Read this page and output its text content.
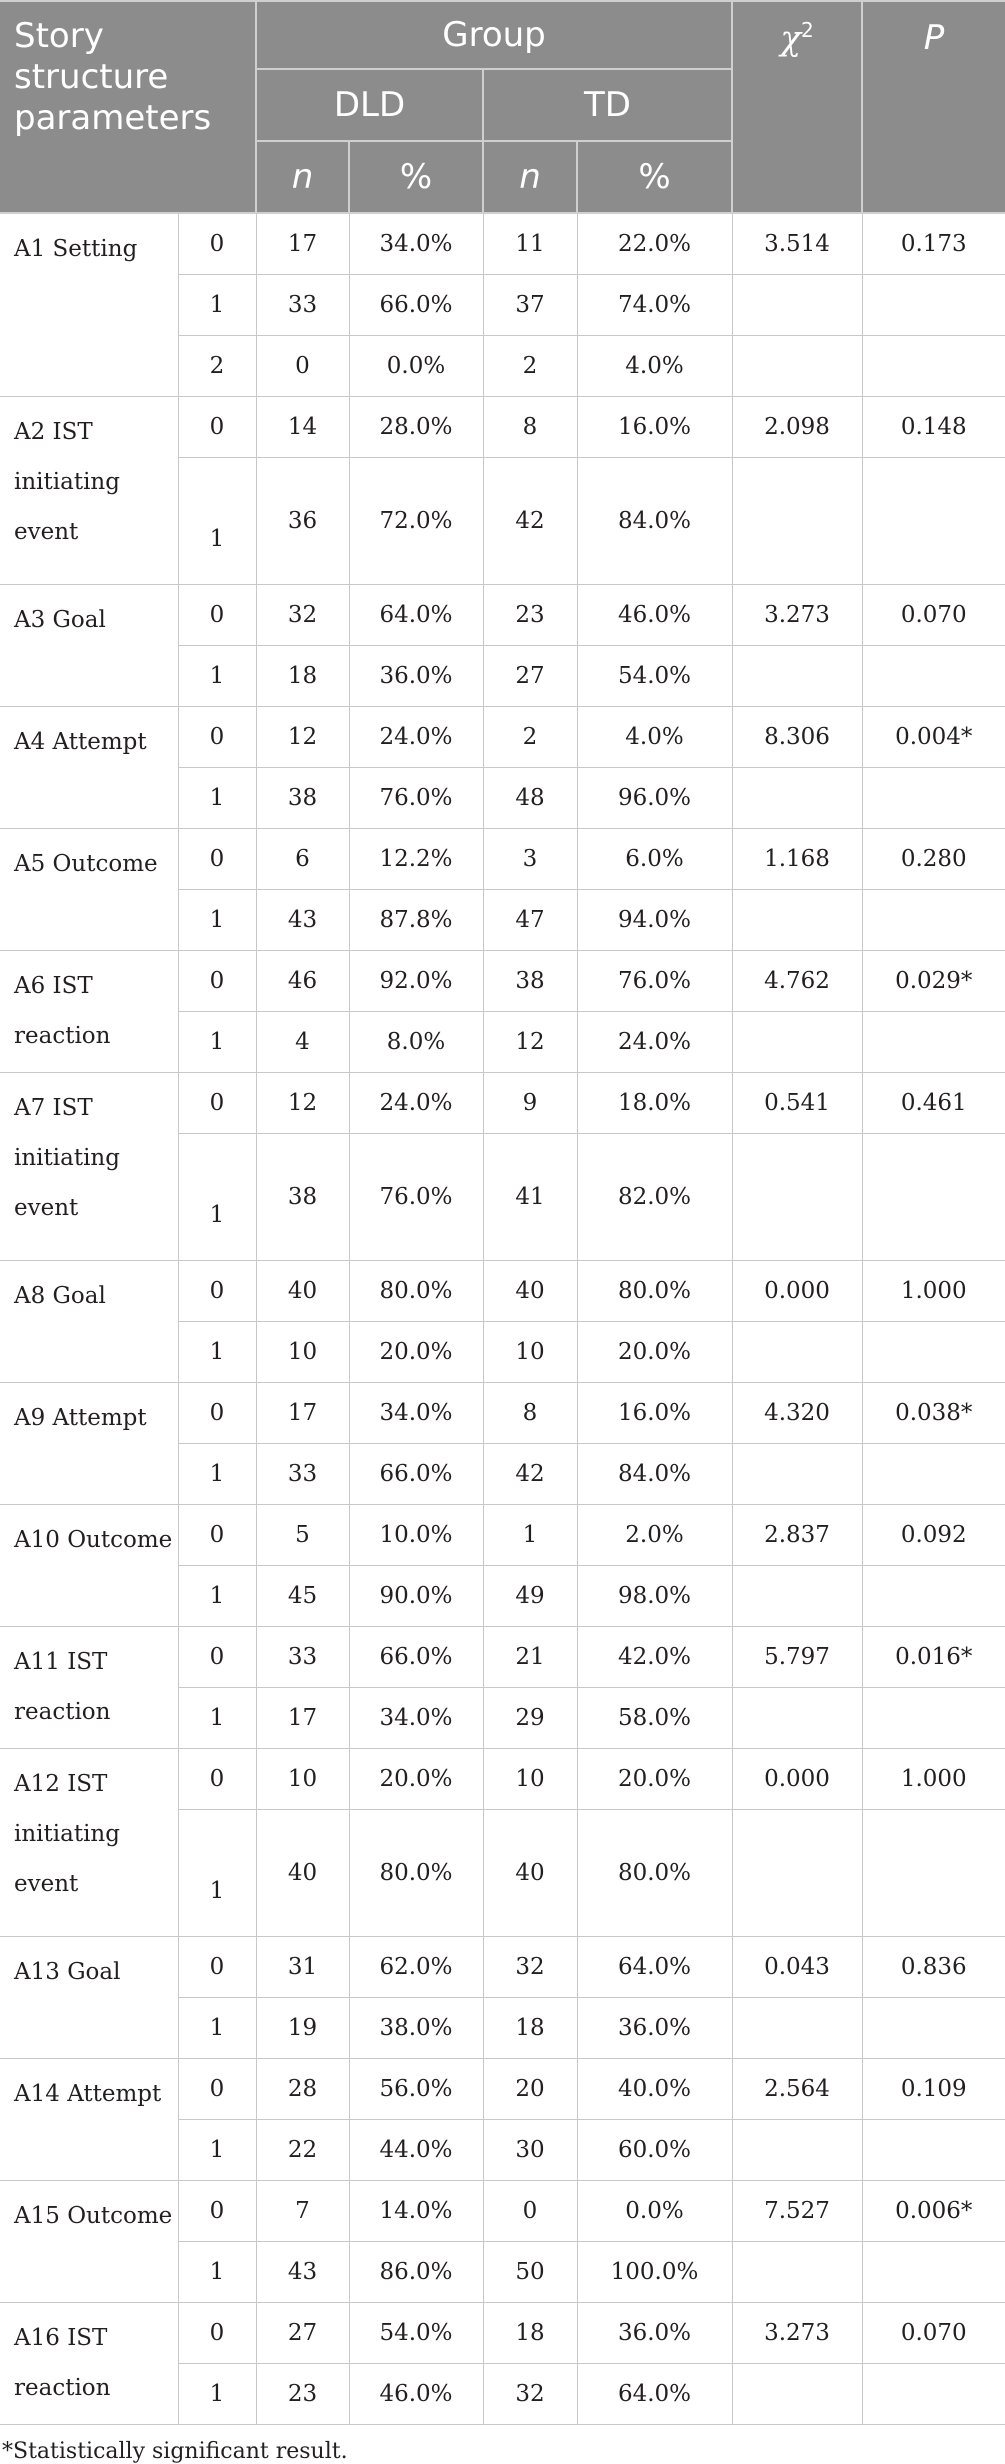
Story structure parameters		Group				$\chi^2$	P
		DLD		TD			
		n	%	n	%		
A1 Setting	0	17	34.0%	11	22.0%	3.514	0.173
	1	33	66.0%	37	74.0%		
	2	0	0.0%	2	4.0%		
A2 IST initiating event	0	14	28.0%	8	16.0%	2.098	0.148
	1	36	72.0%	42	84.0%		
A3 Goal	0	32	64.0%	23	46.0%	3.273	0.070
	1	18	36.0%	27	54.0%		
A4 Attempt	0	12	24.0%	2	4.0%	8.306	0.004*
	1	38	76.0%	48	96.0%		
A5 Outcome	0	6	12.2%	3	6.0%	1.168	0.280
	1	43	87.8%	47	94.0%		
A6 IST reaction	0	46	92.0%	38	76.0%	4.762	0.029*
	1	4	8.0%	12	24.0%		
A7 IST initiating event	0	12	24.0%	9	18.0%	0.541	0.461
	1	38	76.0%	41	82.0%		
A8 Goal	0	40	80.0%	40	80.0%	0.000	1.000
	1	10	20.0%	10	20.0%		
A9 Attempt	0	17	34.0%	8	16.0%	4.320	0.038*
	1	33	66.0%	42	84.0%		
A10 Outcome	0	5	10.0%	1	2.0%	2.837	0.092
	1	45	90.0%	49	98.0%		
A11 IST reaction	0	33	66.0%	21	42.0%	5.797	0.016*
	1	17	34.0%	29	58.0%		
A12 IST initiating event	0	10	20.0%	10	20.0%	0.000	1.000
	1	40	80.0%	40	80.0%		
A13 Goal	0	31	62.0%	32	64.0%	0.043	0.836
	1	19	38.0%	18	36.0%		
A14 Attempt	0	28	56.0%	20	40.0%	2.564	0.109
	1	22	44.0%	30	60.0%		
A15 Outcome	0	7	14.0%	0	0.0%	7.527	0.006*
	1	43	86.0%	50	100.0%		
A16 IST reaction	0	27	54.0%	18	36.0%	3.273	0.070
	1	23	46.0%	32	64.0%		
*Statistically significant result.
